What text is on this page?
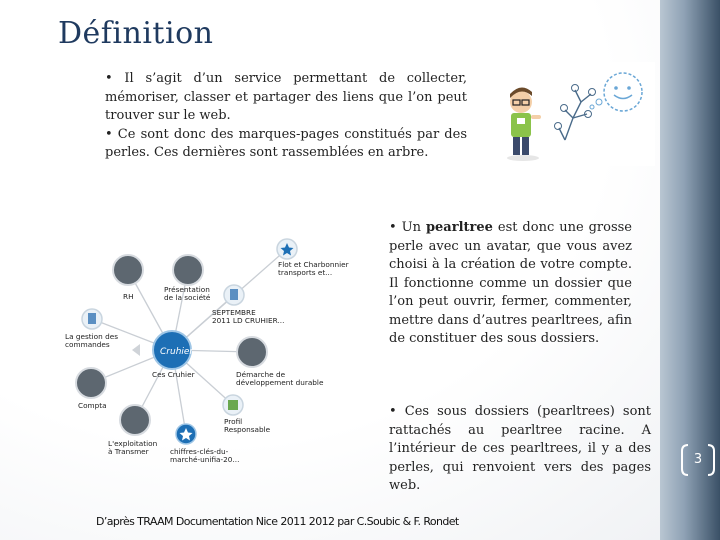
Définition

• Il s’agit d’un service permettant de collecter, mémoriser, classer et partager des liens que l’on peut trouver sur le web.

• Ce sont donc des marques-pages constitués par des perles. Ces dernières sont rassemblées en arbre.

Cruhier
Ces Cruhier
RH
Présentation
de la société
Flot et Charbonnier
transports et...
SEPTEMBRE
2011 LD CRUHIER...
La gestion des
commandes
Démarche de
développement durable
Compta
Profil
Responsable
L'exploitation
à Transmer	chiffres-clés-du-
marché-unifia-20...

• Un pearltree est donc une grosse perle avec un avatar, que vous avez choisi à la création de votre compte. Il fonctionne comme un dossier que l’on peut ouvrir, fermer, commenter, mettre dans d’autres pearltrees, afin de constituer des sous dossiers.

• Ces sous dossiers (pearltrees) sont rattachés au pearltree racine. A l’intérieur de ces pearltrees, il y a des perles, qui renvoient vers des pages web.

D’après TRAAM Documentation Nice 2011 2012 par C.Soubic & F. Rondet
3
